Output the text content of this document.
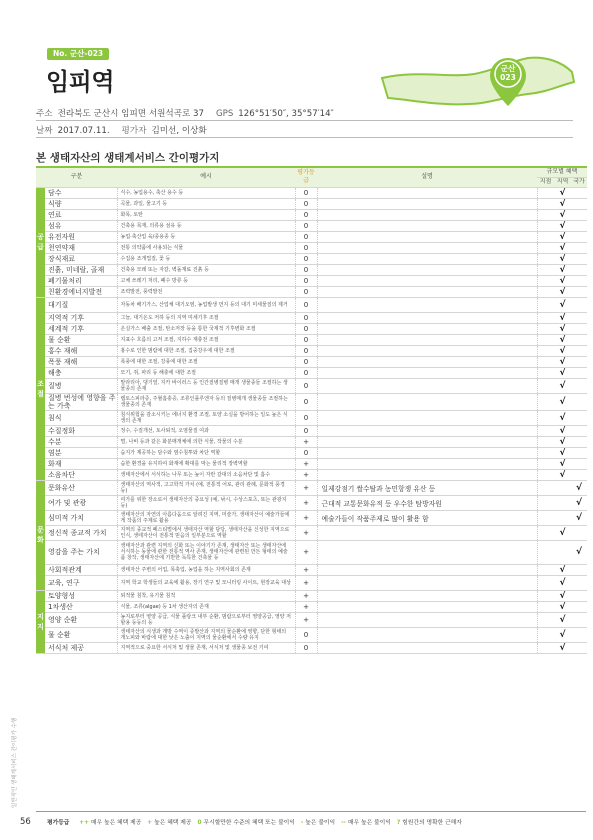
No. 군산-023
임피역	군산
023
주소 전라북도 군산시 임피면 서원석곡로 37 GPS 126°51′50″, 35°57′14″
날짜 2017.07.11. 평가자 김미선, 이상화
본 생태자산의 생태계서비스 간이평가지
구분		예시	평가등급	설명	규모별 혜택		
					지점	지역	국가
공급	담수	식수, 농업용수, 축산 용수 등	0			√	
	식량	곡물, 과일, 물고기 등	0			√	
	연료	화목, 토탄	0			√	
	섬유	건축용 목재, 의류용 섬유 등	0			√	
	유전자원	농업·축산업 육/종용종 등	0			√	
	천연약재	전통 의약품에 사용되는 식물	0			√	
	장식재료	수집용 조개껍질, 꽃 등	0			√	
	진흙, 미네랄, 골재	건축용 모래 또는 자갈, 벽돌재료 진흙 등	0			√	
	폐기물처리	고체 쓰레기 처리, 폐수 방류 등	0			√	
	친환경에너지발전	조력발전, 풍력발전	0			√	
조절	대기질	자동차 배기가스, 산업체 대기오염, 농업발생 먼지 등의 대기 미세물질의 제거	0			√	
	지역적 기후	그늘, 대기온도 저하 등의 지역 미세기후 조절	0			√	
	세계적 기후	온실가스 배출 조절, 탄소저장 등을 통한 국제적 기후변화 조절	0			√	
	물 순환	지표수 흐름의 고저 조절, 지하수 재충전 조절	0			√	
	홍수 재해	홍수로 인한 범람에 대한 조절, 집중강우에 대한 조절	0			√	
	폭풍 재해	폭풍에 대한 조절, 강풍에 대한 조절	0			√	
	해충	모기, 쥐, 파리 등 해충에 대한 조절	0			√	
	질병	말라리아, 댕기열, 지카 바이러스 등 인간질병질병 매개 생물종들 조절하는 생물종의 존재	0			√	
	질병 번성에 영향을 주는 가축	렙토스피라증, 주혈흡충증, 조류인플루엔자 등의 질병매개 생물종들 조절하는 생물종의 존재	0			√	
	침식	침식위험을 감소시키는 에너지 환경 조절, 토양 소실을 방어하는 일도 높은 식생의 존재	0			√	
	수질정화	정수, 수질개선, 토사퇴적, 오염물질 여과	0			√	
	수분	벌, 나비 등과 같은 화분매개체에 의한 식물, 작물의 수분	+			√	
	염분	습지가 제공하는 담수와 염수침투와 차단 역할	0			√	
	화재	습한 환경을 유지하여 화재에 확대를 막는 물리적 장벽역할	+			√	
	소음차단	생태자산에서 서식하는 나무 또는 높이 자란 갈대의 소음차단 및 흡수	+			√	
문화	문화유산	생태자산의 역사적, 고고학적 가치 (예, 전통적 어로, 관리 관례, 문화적 풍경 등)	+	일제강점기 쌀수탈과 농민항쟁 유산 등			√
	여가 및 관광	여가를 위한 장소로서 생태자산의 중요성 (예, 낚시, 수상스포츠, 또는 관광지 등)	+	근대적 교통문화유적 등 우수한 탐방자원			√
	심미적 가치	생태자산의 자연의 아름다움으로 알려진 지역, 미술가, 생태자산이 예술가들에게 작품의 주제로 활용	+	예술가들이 작품주제로 많이 활용 함			√
	정신적 종교적 가치	지역의 종교적 페스티벌에서 생태자산 역할 담당, 생태자산을 신성한 지역으로 인식, 생태자산이 전통적 믿음의 일부분으로 역할	+			√	
	영감을 주는 가치	생태자산과 관련 지역의 신화 또는 이야기가 존재, 생태자산 또는 생태자산에 서식하는 동물에 관한 전통적 역사 존재, 생태자산에 관련된 만든 형태의 예술품 창작, 생태자산에 기반한 독특한 건축물 등	+				√
	사회적관계	생태자산 주변의 어업, 목축업, 농업을 하는 지역사회의 존재	+			√	
	교육, 연구	지역 학교 학생들의 교육에 활용, 장기 연구 및 모니터링 사이트, 현장교육 대상	+			√	
지지	토양형성	퇴적물 침착, 유기물 침적	+			√	
	1차생산	식물, 조류(algae) 등 1차 생산자의 존재	+			√	
	영양 순환	농지로부터 영양 공급, 식물 플랑크 내부 순환, 범람으로부터 영양공급, 영양 저할용 등등의 등	+			√	
	물 순환	생태자산의 식생과 개방 수역이 증발산과 지역의 물순환에 영향, 단한 형태의 개노피와 바람에 대한 낮은 노출이 지역의 물순환에서 수량 유지	0			√	
	서식처 제공	지역적으로 중요한 서식처 및 생물 존재, 서식처 및 생물종 보전 기여	0			√	
일반적인 생태계서비스 간이평가 수행
56	평가등급 ++ 매우 높은 혜택 제공 + 높은 혜택 제공 0 무시할만한 수준의 혜택 또는 불이익 - 높은 불이익 -- 매우 높은 불이익 ? 힘원간의 명확한 근해자
